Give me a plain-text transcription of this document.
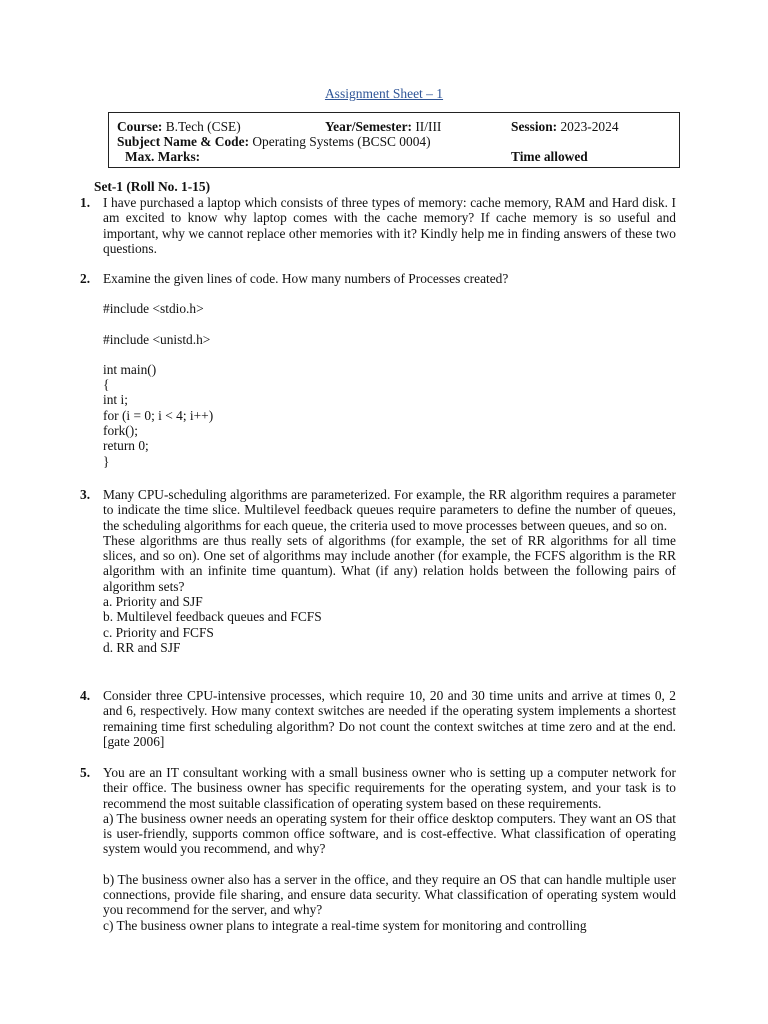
Assignment Sheet – 1
Course: B.Tech (CSE)	Year/Semester: II/III	Session: 2023-2024
Subject Name & Code: Operating Systems (BCSC 0004)
Max. Marks:	Time allowed
Set-1 (Roll No. 1-15)
1. I have purchased a laptop which consists of three types of memory: cache memory, RAM and Hard disk. I am excited to know why laptop comes with the cache memory? If cache memory is so useful and important, why we cannot replace other memories with it? Kindly help me in finding answers of these two questions.

2. Examine the given lines of code. How many numbers of Processes created?

#include <stdio.h>

#include <unistd.h>

int main()

{

int i;

for (i = 0; i < 4; i++)

fork();

return 0;

}

3. Many CPU-scheduling algorithms are parameterized. For example, the RR algorithm requires a parameter to indicate the time slice. Multilevel feedback queues require parameters to define the number of queues, the scheduling algorithms for each queue, the criteria used to move processes between queues, and so on.

These algorithms are thus really sets of algorithms (for example, the set of RR algorithms for all time slices, and so on). One set of algorithms may include another (for example, the FCFS algorithm is the RR algorithm with an infinite time quantum). What (if any) relation holds between the following pairs of algorithm sets?

a. Priority and SJF

b. Multilevel feedback queues and FCFS

c. Priority and FCFS

d. RR and SJF

4. Consider three CPU-intensive processes, which require 10, 20 and 30 time units and arrive at times 0, 2 and 6, respectively. How many context switches are needed if the operating system implements a shortest remaining time first scheduling algorithm? Do not count the context switches at time zero and at the end. [gate 2006]

5. You are an IT consultant working with a small business owner who is setting up a computer network for their office. The business owner has specific requirements for the operating system, and your task is to recommend the most suitable classification of operating system based on these requirements.

a) The business owner needs an operating system for their office desktop computers. They want an OS that is user-friendly, supports common office software, and is cost-effective. What classification of operating system would you recommend, and why?

b) The business owner also has a server in the office, and they require an OS that can handle multiple user connections, provide file sharing, and ensure data security. What classification of operating system would you recommend for the server, and why?

c) The business owner plans to integrate a real-time system for monitoring and controlling
